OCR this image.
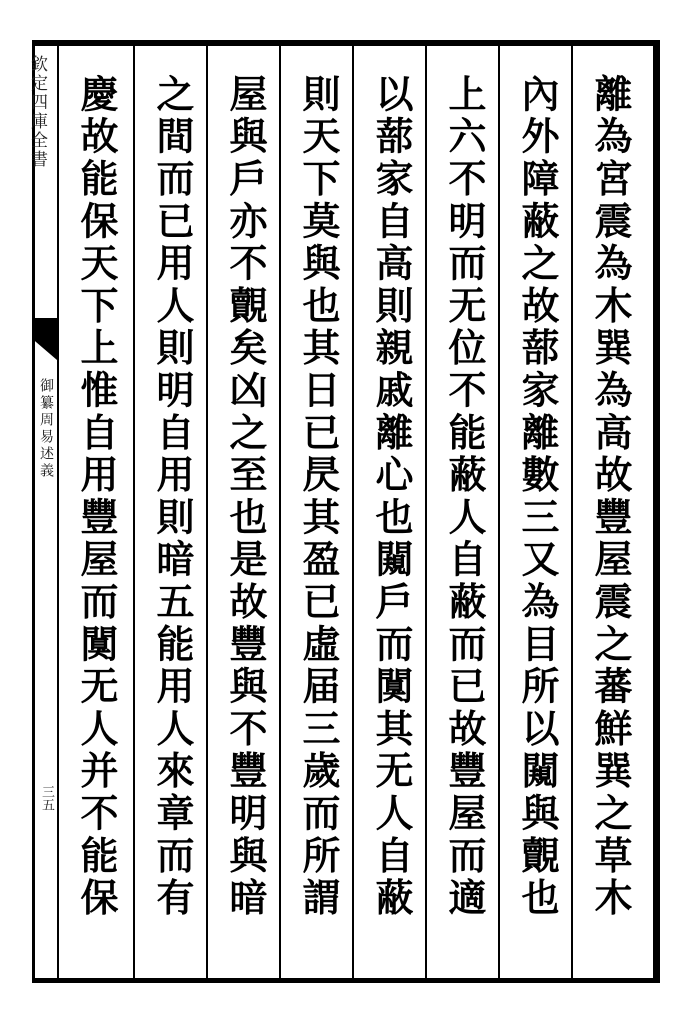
欽定四庫全書
御纂周易述義
三五	離為宮震為木巽為高故豐屋震之蕃鮮巽之草木
內外障蔽之故蔀家離數三又為目所以闚與覿也
上六不明而无位不能蔽人自蔽而已故豐屋而適
以蔀家自高則親戚離心也闚戶而闃其无人自蔽
則天下莫與也其日已昃其盈已虛届三歲而所謂
屋與戶亦不覿矣凶之至也是故豐與不豐明與暗
之間而已用人則明自用則暗五能用人來章而有
慶故能保天下上惟自用豐屋而闃无人并不能保
